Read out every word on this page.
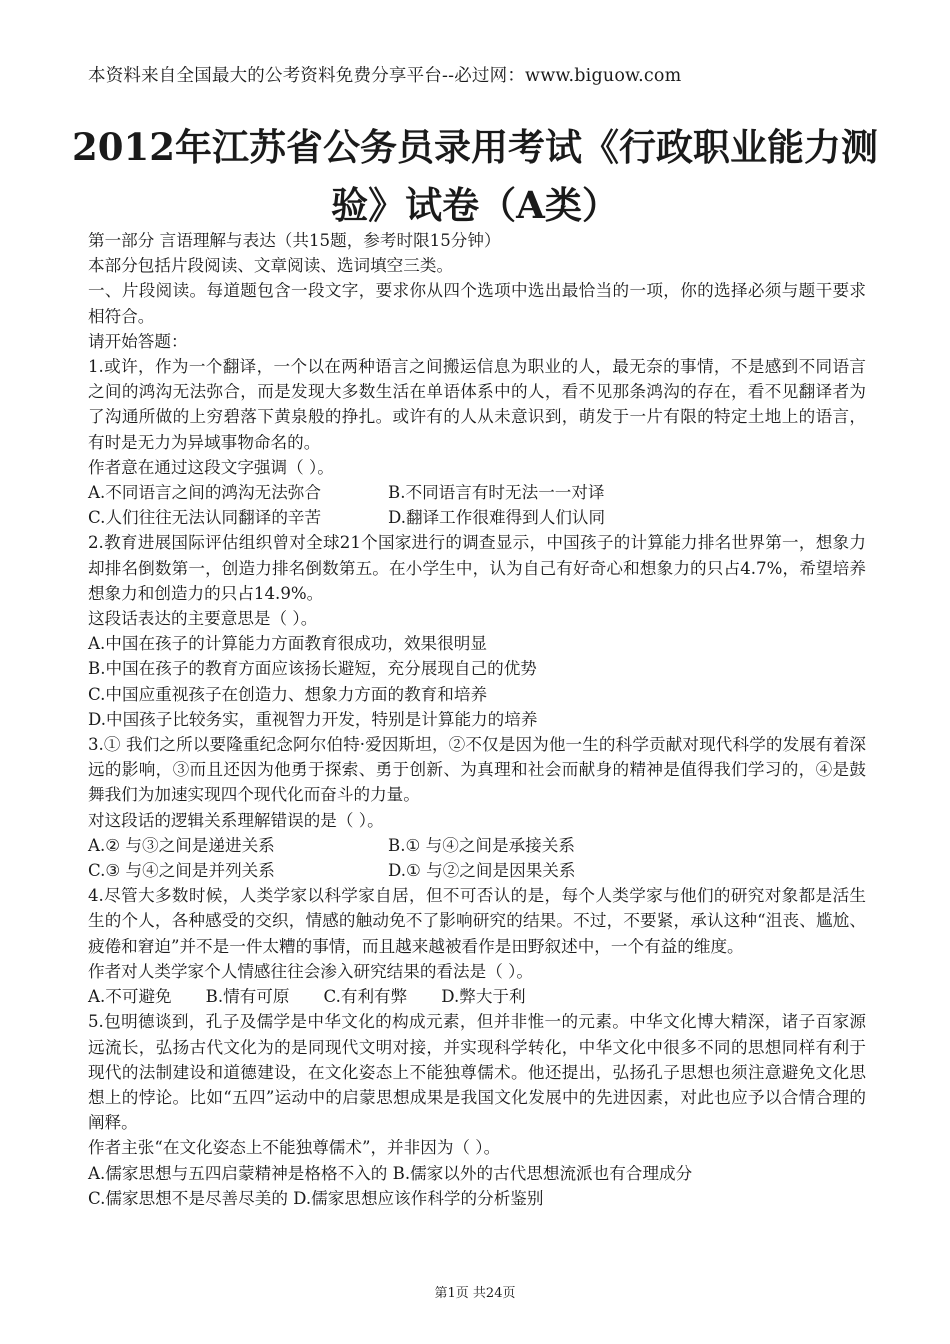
本资料来自全国最大的公考资料免费分享平台--必过网：www.biguow.com
2012年江苏省公务员录用考试《行政职业能力测
验》试卷（A类）

第一部分 言语理解与表达（共15题，参考时限15分钟）

本部分包括片段阅读、文章阅读、选词填空三类。

一、片段阅读。每道题包含一段文字，要求你从四个选项中选出最恰当的一项，你的选择必须与题干要求相符合。

请开始答题：

1.或许，作为一个翻译，一个以在两种语言之间搬运信息为职业的人，最无奈的事情，不是感到不同语言之间的鸿沟无法弥合，而是发现大多数生活在单语体系中的人，看不见那条鸿沟的存在，看不见翻译者为了沟通所做的上穷碧落下黄泉般的挣扎。或许有的人从未意识到，萌发于一片有限的特定土地上的语言，有时是无力为异域事物命名的。

作者意在通过这段文字强调（ ）。

A.不同语言之间的鸿沟无法弥合	B.不同语言有时无法一一对译

C.人们往往无法认同翻译的辛苦	D.翻译工作很难得到人们认同

2.教育进展国际评估组织曾对全球21个国家进行的调查显示，中国孩子的计算能力排名世界第一，想象力却排名倒数第一，创造力排名倒数第五。在小学生中，认为自己有好奇心和想象力的只占4.7%，希望培养想象力和创造力的只占14.9%。

这段话表达的主要意思是（ ）。

A.中国在孩子的计算能力方面教育很成功，效果很明显

B.中国在孩子的教育方面应该扬长避短，充分展现自己的优势

C.中国应重视孩子在创造力、想象力方面的教育和培养

D.中国孩子比较务实，重视智力开发，特别是计算能力的培养

3.① 我们之所以要隆重纪念阿尔伯特·爱因斯坦，②不仅是因为他一生的科学贡献对现代科学的发展有着深远的影响，③而且还因为他勇于探索、勇于创新、为真理和社会而献身的精神是值得我们学习的，④是鼓舞我们为加速实现四个现代化而奋斗的力量。

对这段话的逻辑关系理解错误的是（ ）。

A.② 与③之间是递进关系	B.① 与④之间是承接关系

C.③ 与④之间是并列关系	D.① 与②之间是因果关系

4.尽管大多数时候，人类学家以科学家自居，但不可否认的是，每个人类学家与他们的研究对象都是活生生的个人，各种感受的交织，情感的触动免不了影响研究的结果。不过，不要紧，承认这种“沮丧、尴尬、疲倦和窘迫”并不是一件太糟的事情，而且越来越被看作是田野叙述中，一个有益的维度。

作者对人类学家个人情感往往会渗入研究结果的看法是（ ）。

A.不可避免 B.情有可原 C.有利有弊 D.弊大于利

5.包明德谈到，孔子及儒学是中华文化的构成元素，但并非惟一的元素。中华文化博大精深，诸子百家源远流长，弘扬古代文化为的是同现代文明对接，并实现科学转化，中华文化中很多不同的思想同样有利于现代的法制建设和道德建设，在文化姿态上不能独尊儒术。他还提出，弘扬孔子思想也须注意避免文化思想上的悖论。比如“五四”运动中的启蒙思想成果是我国文化发展中的先进因素，对此也应予以合情合理的阐释。

作者主张“在文化姿态上不能独尊儒术”，并非因为（ ）。

A.儒家思想与五四启蒙精神是格格不入的 B.儒家以外的古代思想流派也有合理成分

C.儒家思想不是尽善尽美的 D.儒家思想应该作科学的分析鉴别

第1页 共24页
